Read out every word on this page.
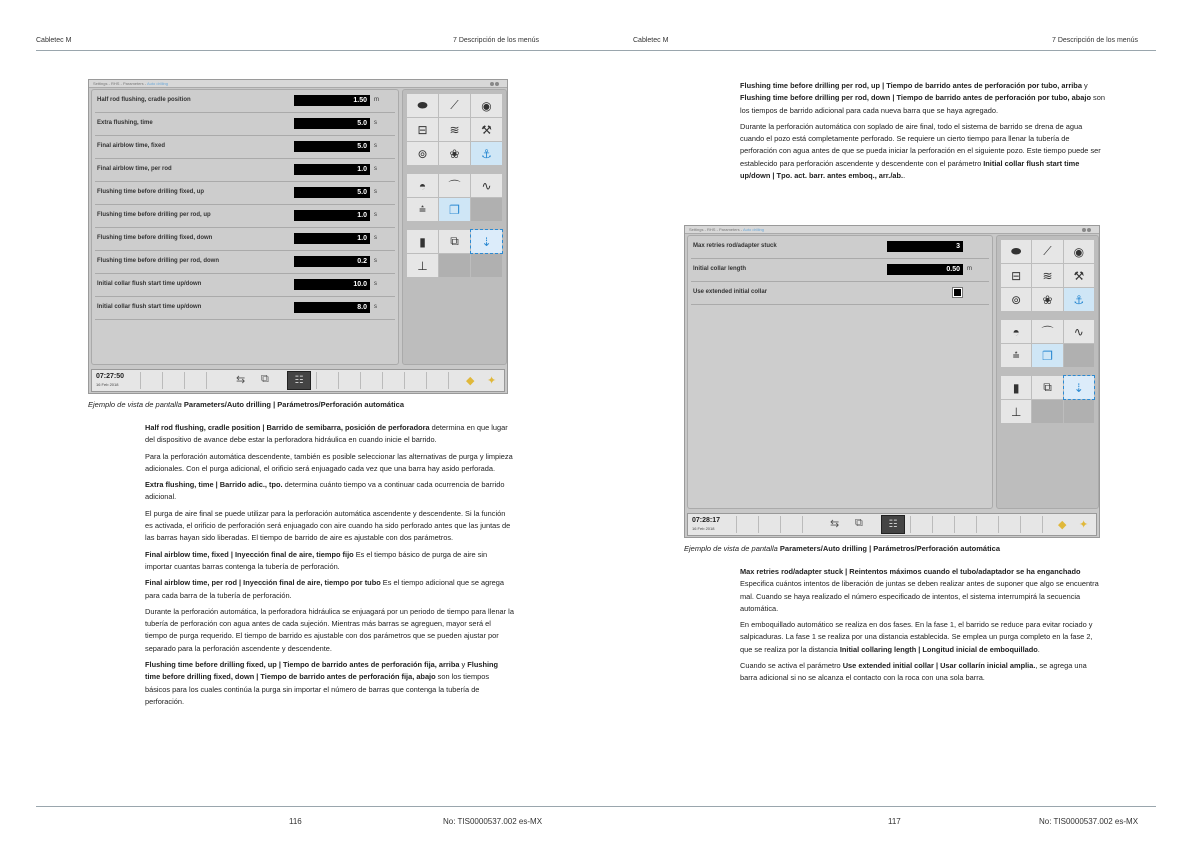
Cabletec M	7 Descripción de los menús
Settings - RHS - Parameters - Auto drilling
Half rod flushing, cradle position	1.50	m
Extra flushing, time	5.0	s
Final airblow time, fixed	5.0	s
Final airblow time, per rod	1.0	s
Flushing time before drilling fixed, up	5.0	s
Flushing time before drilling per rod, up	1.0	s
Flushing time before drilling fixed, down	1.0	s
Flushing time before drilling per rod, down	0.2	s
Initial collar flush start time up/down	10.0	s
Initial collar flush start time up/down	8.0	s
⬬	⟋	◉
⊟	≋	⚒
⊚	❀	⚓
◓	⌒	∿
⩮	❐
▮	⧉	⇣
⊥
07:27:50
16 Feb 2018	⇆ ⧉	☷	◆ ✦
Ejemplo de vista de pantalla Parameters/Auto drilling | Parámetros/Perforación automática

Half rod flushing, cradle position | Barrido de semibarra, posición de perforadora determina en que lugar del dispositivo de avance debe estar la perforadora hidráulica en cuando inicie el barrido.

Para la perforación automática descendente, también es posible seleccionar las alternativas de purga y limpieza adicionales. Con el purga adicional, el orificio será enjuagado cada vez que una barra hay asido perforada.

Extra flushing, time | Barrido adic., tpo. determina cuánto tiempo va a continuar cada ocurrencia de barrido adicional.

El purga de aire final se puede utilizar para la perforación automática ascendente y descendente. Si la función es activada, el orificio de perforación será enjuagado con aire cuando ha sido perforado antes que las juntas de las barras hayan sido liberadas. El tiempo de barrido de aire es ajustable con dos parámetros.

Final airblow time, fixed | Inyección final de aire, tiempo fijo Es el tiempo básico de purga de aire sin importar cuantas barras contenga la tubería de perforación.

Final airblow time, per rod | Inyección final de aire, tiempo por tubo Es el tiempo adicional que se agrega para cada barra de la tubería de perforación.

Durante la perforación automática, la perforadora hidráulica se enjuagará por un periodo de tiempo para llenar la tubería de perforación con agua antes de cada sujeción. Mientras más barras se agreguen, mayor será el tiempo de purga requerido. El tiempo de barrido es ajustable con dos parámetros que se pueden ajustar por separado para la perforación ascendente y descendente.

Flushing time before drilling fixed, up | Tiempo de barrido antes de perforación fija, arriba y Flushing time before drilling fixed, down | Tiempo de barrido antes de perforación fija, abajo son los tiempos básicos para los cuales continúa la purga sin importar el número de barras que contenga la tubería de perforación.

116	No: TIS0000537.002 es-MX
Cabletec M	7 Descripción de los menús

Flushing time before drilling per rod, up | Tiempo de barrido antes de perforación por tubo, arriba y Flushing time before drilling per rod, down | Tiempo de barrido antes de perforación por tubo, abajo son los tiempos de barrido adicional para cada nueva barra que se haya agregado.

Durante la perforación automática con soplado de aire final, todo el sistema de barrido se drena de agua cuando el pozo está completamente perforado. Se requiere un cierto tiempo para llenar la tubería de perforación con agua antes de que se pueda iniciar la perforación en el siguiente pozo. Este tiempo puede ser establecido para perforación ascendente y descendente con el parámetro Initial collar flush start time up/down | Tpo. act. barr. antes emboq., arr./ab..

Settings - RHS - Parameters - Auto drilling
Max retries rod/adapter stuck	3
Initial collar length	0.50	m
Use extended initial collar
⬬	⟋	◉
⊟	≋	⚒
⊚	❀	⚓
◓	⌒	∿
⩮	❐
▮	⧉	⇣
⊥
07:28:17
16 Feb 2018	⇆ ⧉	☷	◆ ✦
Ejemplo de vista de pantalla Parameters/Auto drilling | Parámetros/Perforación automática

Max retries rod/adapter stuck | Reintentos máximos cuando el tubo/adaptador se ha enganchado Especifica cuántos intentos de liberación de juntas se deben realizar antes de suponer que algo se encuentra mal. Cuando se haya realizado el número especificado de intentos, el sistema interrumpirá la secuencia automática.

En emboquillado automático se realiza en dos fases. En la fase 1, el barrido se reduce para evitar rociado y salpicaduras. La fase 1 se realiza por una distancia establecida. Se emplea un purga completo en la fase 2, que se realiza por la distancia Initial collaring length | Longitud inicial de emboquillado.

Cuando se activa el parámetro Use extended initial collar | Usar collarín inicial amplia., se agrega una barra adicional si no se alcanza el contacto con la roca con una sola barra.

117	No: TIS0000537.002 es-MX
